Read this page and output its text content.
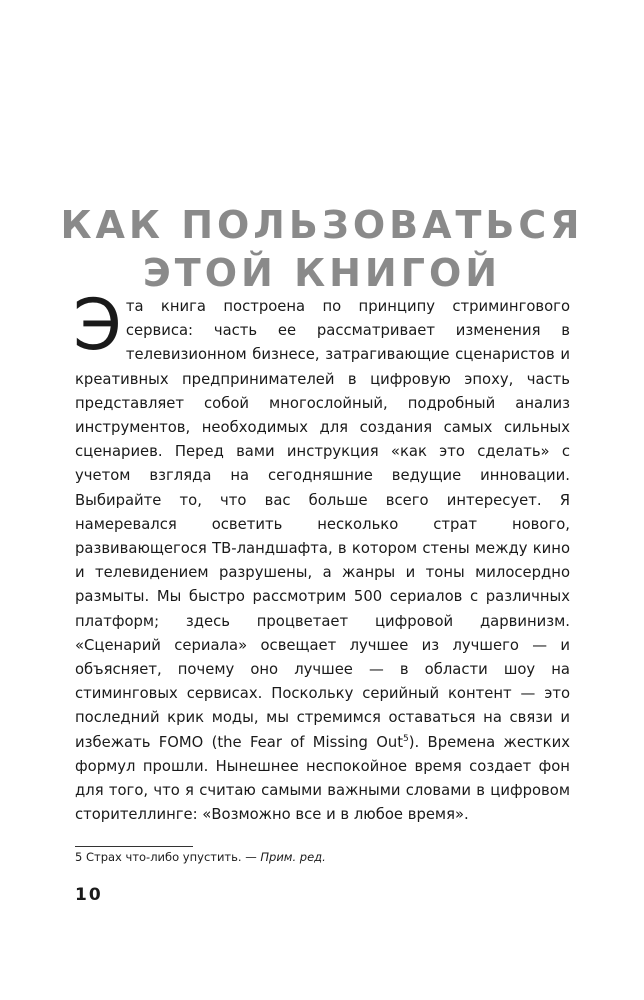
КАК ПОЛЬЗОВАТЬСЯ
ЭТОЙ КНИГОЙ

Эта книга построена по принципу стримингового сервиса: часть ее рассматривает изменения в телевизионном бизнесе, затрагивающие сценаристов и креативных предпринимателей в цифровую эпоху, часть представляет собой многослойный, подробный анализ инструментов, необходимых для создания самых сильных сценариев. Перед вами инструкция «как это сделать» с учетом взгляда на сегодняшние ведущие инновации. Выбирайте то, что вас больше всего интересует. Я намеревался осветить несколько страт нового, развивающегося ТВ-ландшафта, в котором стены между кино и телевидением разрушены, а жанры и тоны милосердно размыты. Мы быстро рассмотрим 500 сериалов с различных платформ; здесь процветает цифровой дарвинизм. «Сценарий сериала» освещает лучшее из лучшего — и объясняет, почему оно лучшее — в области шоу на стиминговых сервисах. Поскольку серийный контент — это последний крик моды, мы стремимся оставаться на связи и избежать FOMO (the Fear of Missing Out$^5$). Времена жестких формул прошли. Нынешнее неспокойное время создает фон для того, что я считаю самыми важными словами в цифровом сторителлинге: «Возможно все и в любое время».

5 Страх что-либо упустить. — Прим. ред.
10
